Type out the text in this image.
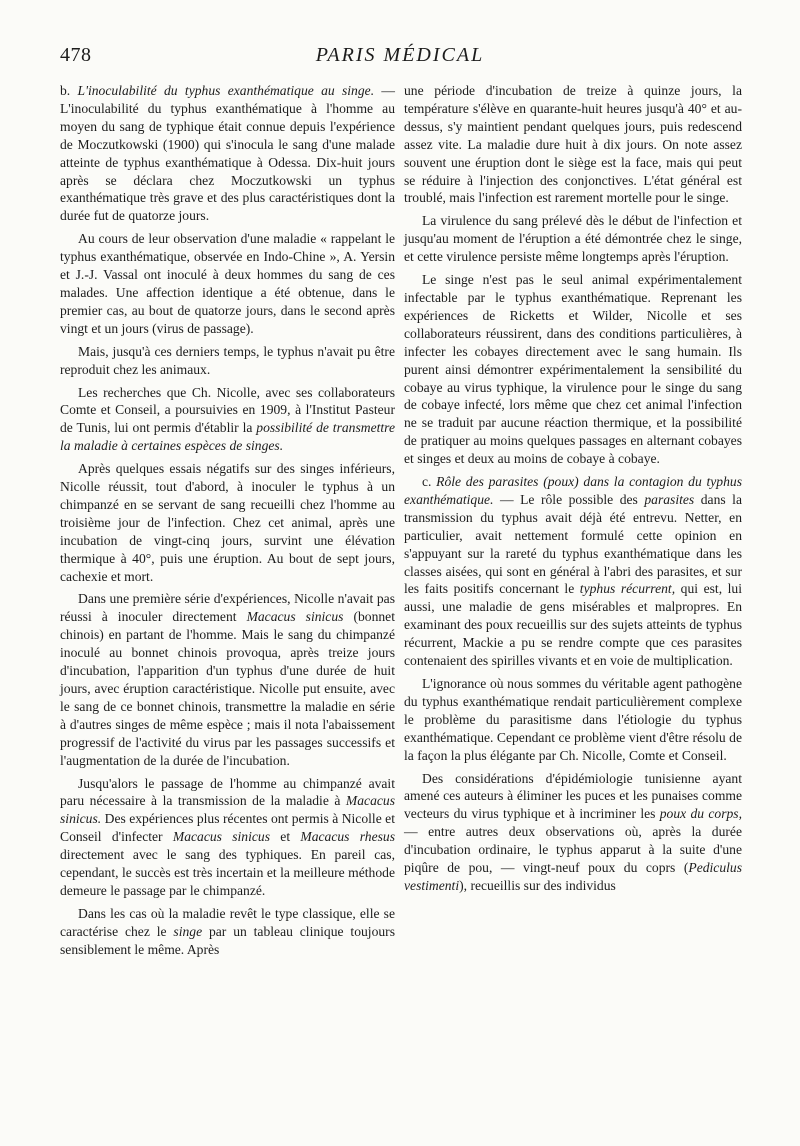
478	PARIS MÉDICAL

b. L'inoculabilité du typhus exanthématique au singe. — L'inoculabilité du typhus exanthématique à l'homme au moyen du sang de typhique était connue depuis l'expérience de Moczutkowski (1900) qui s'inocula le sang d'une malade atteinte de typhus exanthématique à Odessa. Dix-huit jours après se déclara chez Moczutkowski un typhus exanthématique très grave et des plus caractéristiques dont la durée fut de quatorze jours.

Au cours de leur observation d'une maladie « rappelant le typhus exanthématique, observée en Indo-Chine », A. Yersin et J.-J. Vassal ont inoculé à deux hommes du sang de ces malades. Une affection identique a été obtenue, dans le premier cas, au bout de quatorze jours, dans le second après vingt et un jours (virus de passage).

Mais, jusqu'à ces derniers temps, le typhus n'avait pu être reproduit chez les animaux.

Les recherches que Ch. Nicolle, avec ses collaborateurs Comte et Conseil, a poursuivies en 1909, à l'Institut Pasteur de Tunis, lui ont permis d'établir la possibilité de transmettre la maladie à certaines espèces de singes.

Après quelques essais négatifs sur des singes inférieurs, Nicolle réussit, tout d'abord, à inoculer le typhus à un chimpanzé en se servant de sang recueilli chez l'homme au troisième jour de l'infection. Chez cet animal, après une incubation de vingt-cinq jours, survint une élévation thermique à 40°, puis une éruption. Au bout de sept jours, cachexie et mort.

Dans une première série d'expériences, Nicolle n'avait pas réussi à inoculer directement Macacus sinicus (bonnet chinois) en partant de l'homme. Mais le sang du chimpanzé inoculé au bonnet chinois provoqua, après treize jours d'incubation, l'apparition d'un typhus d'une durée de huit jours, avec éruption caractéristique. Nicolle put ensuite, avec le sang de ce bonnet chinois, transmettre la maladie en série à d'autres singes de même espèce ; mais il nota l'abaissement progressif de l'activité du virus par les passages successifs et l'augmentation de la durée de l'incubation.

Jusqu'alors le passage de l'homme au chimpanzé avait paru nécessaire à la transmission de la maladie à Macacus sinicus. Des expériences plus récentes ont permis à Nicolle et Conseil d'infecter Macacus sinicus et Macacus rhesus directement avec le sang des typhiques. En pareil cas, cependant, le succès est très incertain et la meilleure méthode demeure le passage par le chimpanzé.

Dans les cas où la maladie revêt le type classique, elle se caractérise chez le singe par un tableau clinique toujours sensiblement le même. Après

une période d'incubation de treize à quinze jours, la température s'élève en quarante-huit heures jusqu'à 40° et au-dessus, s'y maintient pendant quelques jours, puis redescend assez vite. La maladie dure huit à dix jours. On note assez souvent une éruption dont le siège est la face, mais qui peut se réduire à l'injection des conjonctives. L'état général est troublé, mais l'infection est rarement mortelle pour le singe.

La virulence du sang prélevé dès le début de l'infection et jusqu'au moment de l'éruption a été démontrée chez le singe, et cette virulence persiste même longtemps après l'éruption.

Le singe n'est pas le seul animal expérimentalement infectable par le typhus exanthématique. Reprenant les expériences de Ricketts et Wilder, Nicolle et ses collaborateurs réussirent, dans des conditions particulières, à infecter les cobayes directement avec le sang humain. Ils purent ainsi démontrer expérimentalement la sensibilité du cobaye au virus typhique, la virulence pour le singe du sang de cobaye infecté, lors même que chez cet animal l'infection ne se traduit par aucune réaction thermique, et la possibilité de pratiquer au moins quelques passages en alternant cobayes et singes et deux au moins de cobaye à cobaye.

c. Rôle des parasites (poux) dans la contagion du typhus exanthématique. — Le rôle possible des parasites dans la transmission du typhus avait déjà été entrevu. Netter, en particulier, avait nettement formulé cette opinion en s'appuyant sur la rareté du typhus exanthématique dans les classes aisées, qui sont en général à l'abri des parasites, et sur les faits positifs concernant le typhus récurrent, qui est, lui aussi, une maladie de gens misérables et malpropres. En examinant des poux recueillis sur des sujets atteints de typhus récurrent, Mackie a pu se rendre compte que ces parasites contenaient des spirilles vivants et en voie de multiplication.

L'ignorance où nous sommes du véritable agent pathogène du typhus exanthématique rendait particulièrement complexe le problème du parasitisme dans l'étiologie du typhus exanthématique. Cependant ce problème vient d'être résolu de la façon la plus élégante par Ch. Nicolle, Comte et Conseil.

Des considérations d'épidémiologie tunisienne ayant amené ces auteurs à éliminer les puces et les punaises comme vecteurs du virus typhique et à incriminer les poux du corps, — entre autres deux observations où, après la durée d'incubation ordinaire, le typhus apparut à la suite d'une piqûre de pou, — vingt-neuf poux du coprs (Pediculus vestimenti), recueillis sur des individus
